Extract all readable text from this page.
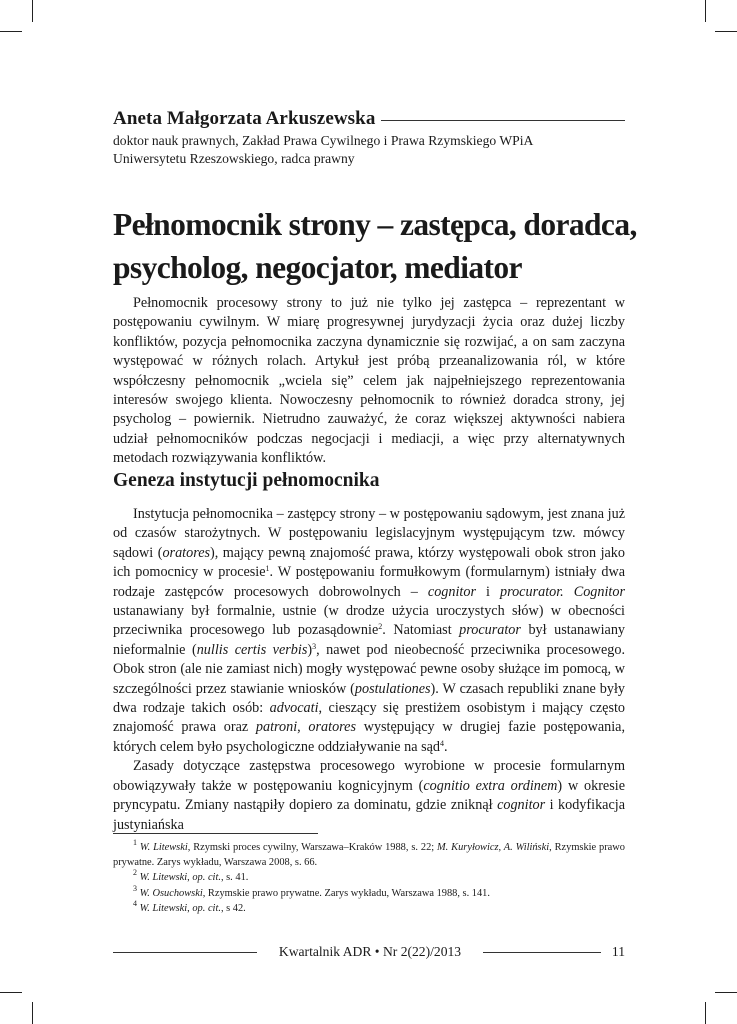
Aneta Małgorzata Arkuszewska
doktor nauk prawnych, Zakład Prawa Cywilnego i Prawa Rzymskiego WPiA
Uniwersytetu Rzeszowskiego, radca prawny
Pełnomocnik strony – zastępca, doradca,
psycholog, negocjator, mediator

Pełnomocnik procesowy strony to już nie tylko jej zastępca – reprezentant w postępowaniu cywilnym. W miarę progresywnej jurydyzacji życia oraz dużej liczby konfliktów, pozycja pełnomocnika zaczyna dynamicznie się rozwijać, a on sam zaczyna występować w różnych rolach. Artykuł jest próbą przeanalizowania ról, w które współczesny pełnomocnik „wciela się” celem jak najpełniejszego reprezentowania interesów swojego klienta. Nowoczesny pełnomocnik to również doradca strony, jej psycholog – powiernik. Nietrudno zauważyć, że coraz większej aktywności nabiera udział pełnomocników podczas negocjacji i mediacji, a więc przy alternatywnych metodach rozwiązywania konfliktów.

Geneza instytucji pełnomocnika

Instytucja pełnomocnika – zastępcy strony – w postępowaniu sądowym, jest znana już od czasów starożytnych. W postępowaniu legislacyjnym występującym tzw. mówcy sądowi (oratores), mający pewną znajomość prawa, którzy występowali obok stron jako ich pomocnicy w procesie$^1$. W postępowaniu formułkowym (formularnym) istniały dwa rodzaje zastępców procesowych dobrowolnych – cognitor i procurator. Cognitor ustanawiany był formalnie, ustnie (w drodze użycia uroczystych słów) w obecności przeciwnika procesowego lub pozasądownie$^2$. Natomiast procurator był ustanawiany nieformalnie (nullis certis verbis)$^3$, nawet pod nieobecność przeciwnika procesowego. Obok stron (ale nie zamiast nich) mogły występować pewne osoby służące im pomocą, w szczególności przez stawianie wniosków (postulationes). W czasach republiki znane były dwa rodzaje takich osób: advocati, cieszący się prestiżem osobistym i mający często znajomość prawa oraz patroni, oratores występujący w drugiej fazie postępowania, których celem było psychologiczne oddziaływanie na sąd$^4$.

Zasady dotyczące zastępstwa procesowego wyrobione w procesie formularnym obowiązywały także w postępowaniu kognicyjnym (cognitio extra ordinem) w okresie pryncypatu. Zmiany nastąpiły dopiero za dominatu, gdzie zniknął cognitor i kodyfikacja justyniańska

$^1$ W. Litewski, Rzymski proces cywilny, Warszawa–Kraków 1988, s. 22; M. Kuryłowicz, A. Wiliński, Rzymskie prawo prywatne. Zarys wykładu, Warszawa 2008, s. 66.
$^2$ W. Litewski, op. cit., s. 41.
$^3$ W. Osuchowski, Rzymskie prawo prywatne. Zarys wykładu, Warszawa 1988, s. 141.
$^4$ W. Litewski, op. cit., s 42.
Kwartalnik ADR • Nr 2(22)/2013	11
